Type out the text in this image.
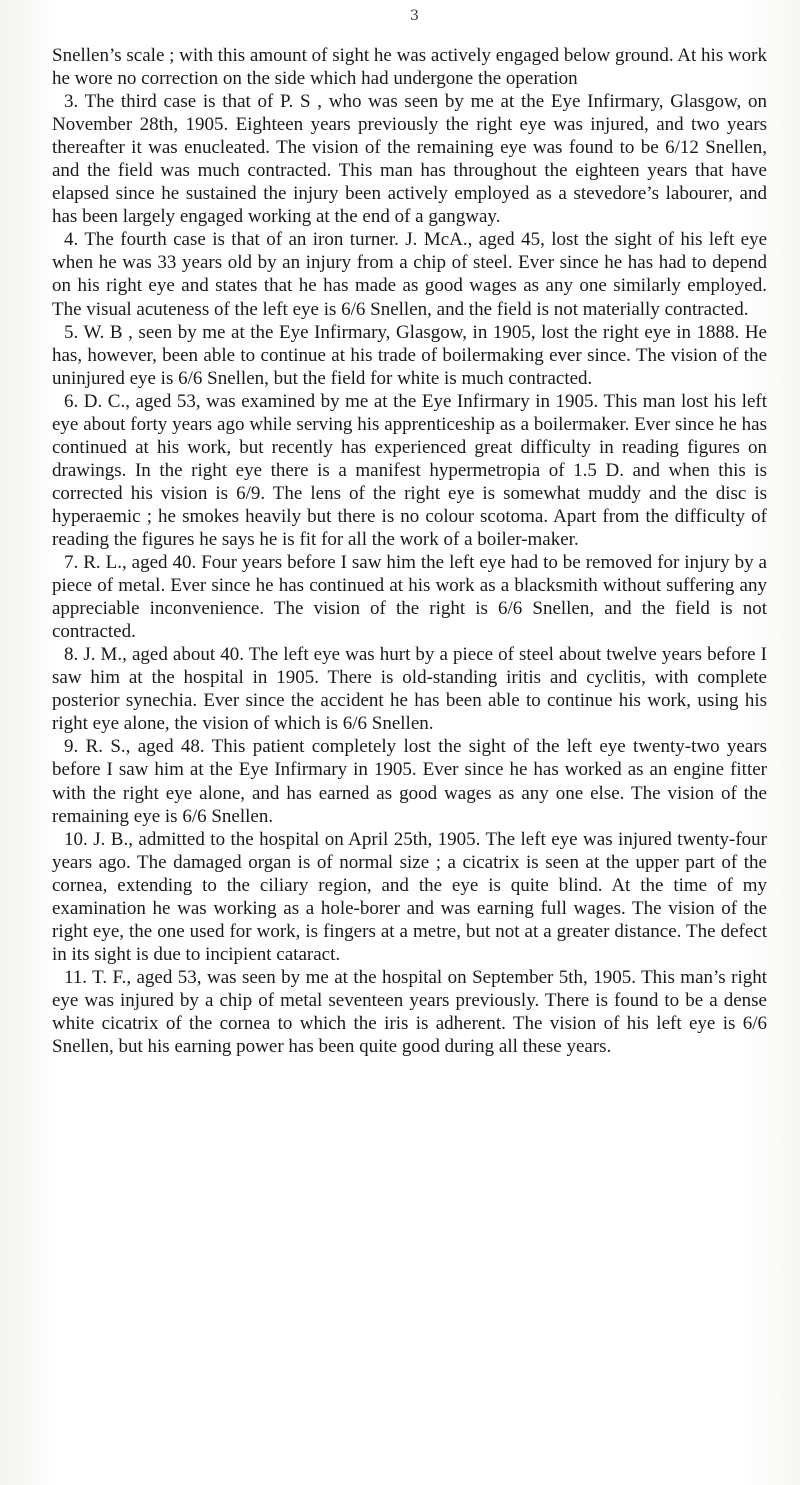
3

Snellen’s scale ; with this amount of sight he was actively engaged below ground. At his work he wore no correction on the side which had undergone the operation

3. The third case is that of P. S , who was seen by me at the Eye Infirmary, Glasgow, on November 28th, 1905. Eighteen years previously the right eye was injured, and two years thereafter it was enucleated. The vision of the remaining eye was found to be 6/12 Snellen, and the field was much contracted. This man has throughout the eighteen years that have elapsed since he sustained the injury been actively employed as a stevedore’s labourer, and has been largely engaged working at the end of a gangway.

4. The fourth case is that of an iron turner. J. McA., aged 45, lost the sight of his left eye when he was 33 years old by an injury from a chip of steel. Ever since he has had to depend on his right eye and states that he has made as good wages as any one similarly employed. The visual acuteness of the left eye is 6/6 Snellen, and the field is not materially contracted.

5. W. B , seen by me at the Eye Infirmary, Glasgow, in 1905, lost the right eye in 1888. He has, however, been able to continue at his trade of boilermaking ever since. The vision of the uninjured eye is 6/6 Snellen, but the field for white is much contracted.

6. D. C., aged 53, was examined by me at the Eye Infirmary in 1905. This man lost his left eye about forty years ago while serving his apprenticeship as a boilermaker. Ever since he has continued at his work, but recently has experienced great difficulty in reading figures on drawings. In the right eye there is a manifest hypermetropia of 1.5 D. and when this is corrected his vision is 6/9. The lens of the right eye is somewhat muddy and the disc is hyperaemic ; he smokes heavily but there is no colour scotoma. Apart from the difficulty of reading the figures he says he is fit for all the work of a boiler-maker.

7. R. L., aged 40. Four years before I saw him the left eye had to be removed for injury by a piece of metal. Ever since he has continued at his work as a blacksmith without suffering any appreciable inconvenience. The vision of the right is 6/6 Snellen, and the field is not contracted.

8. J. M., aged about 40. The left eye was hurt by a piece of steel about twelve years before I saw him at the hospital in 1905. There is old-standing iritis and cyclitis, with complete posterior synechia. Ever since the accident he has been able to continue his work, using his right eye alone, the vision of which is 6/6 Snellen.

9. R. S., aged 48. This patient completely lost the sight of the left eye twenty-two years before I saw him at the Eye Infirmary in 1905. Ever since he has worked as an engine fitter with the right eye alone, and has earned as good wages as any one else. The vision of the remaining eye is 6/6 Snellen.

10. J. B., admitted to the hospital on April 25th, 1905. The left eye was injured twenty-four years ago. The damaged organ is of normal size ; a cicatrix is seen at the upper part of the cornea, extending to the ciliary region, and the eye is quite blind. At the time of my examination he was working as a hole-borer and was earning full wages. The vision of the right eye, the one used for work, is fingers at a metre, but not at a greater distance. The defect in its sight is due to incipient cataract.

11. T. F., aged 53, was seen by me at the hospital on September 5th, 1905. This man’s right eye was injured by a chip of metal seventeen years previously. There is found to be a dense white cicatrix of the cornea to which the iris is adherent. The vision of his left eye is 6/6 Snellen, but his earning power has been quite good during all these years.
